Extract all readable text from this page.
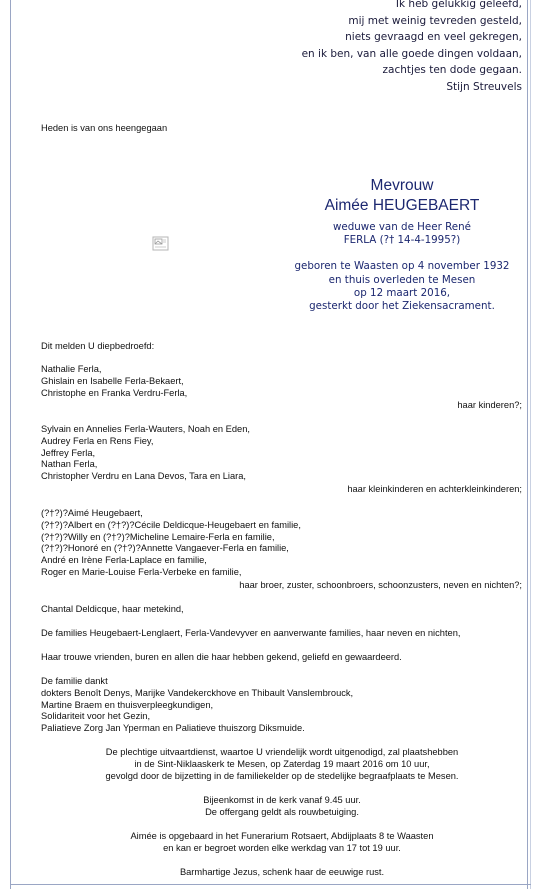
Ik heb gelukkig geleefd,
mij met weinig tevreden gesteld,
niets gevraagd en veel gekregen,
en ik ben, van alle goede dingen voldaan,
zachtjes ten dode gegaan.
Stijn Streuvels
Heden is van ons heengegaan
Mevrouw
Aimée HEUGEBAERT
weduwe van de Heer René
FERLA (?† 14-4-1995?)
geboren te Waasten op 4 november 1932
en thuis overleden te Mesen
op 12 maart 2016,
gesterkt door het Ziekensacrament.
Dit melden U diepbedroefd:
Nathalie Ferla,
Ghislain en Isabelle Ferla-Bekaert,
Christophe en Franka Verdru-Ferla,
haar kinderen?;
Sylvain en Annelies Ferla-Wauters, Noah en Eden,
Audrey Ferla en Rens Fiey,
Jeffrey Ferla,
Nathan Ferla,
Christopher Verdru en Lana Devos, Tara en Liara,
haar kleinkinderen en achterkleinkinderen;
(?†?)?Aimé Heugebaert,
(?†?)?Albert en (?†?)?Cécile Deldicque-Heugebaert en familie,
(?†?)?Willy en (?†?)?Micheline Lemaire-Ferla en familie,
(?†?)?Honoré en (?†?)?Annette Vangaever-Ferla en familie,
André en Irène Ferla-Laplace en familie,
Roger en Marie-Louise Ferla-Verbeke en familie,
haar broer, zuster, schoonbroers, schoonzusters, neven en nichten?;
Chantal Deldicque, haar metekind,
De families Heugebaert-Lenglaert, Ferla-Vandevyver en aanverwante families, haar neven en nichten,
Haar trouwe vrienden, buren en allen die haar hebben gekend, geliefd en gewaardeerd.
De familie dankt
dokters Benoît Denys, Marijke Vandekerckhove en Thibault Vanslembrouck,
Martine Braem en thuisverpleegkundigen,
Solidariteit voor het Gezin,
Paliatieve Zorg Jan Yperman en Paliatieve thuiszorg Diksmuide.
De plechtige uitvaartdienst, waartoe U vriendelijk wordt uitgenodigd, zal plaatshebben
in de Sint-Niklaaskerk te Mesen, op Zaterdag 19 maart 2016 om 10 uur,
gevolgd door de bijzetting in de familiekelder op de stedelijke begraafplaats te Mesen.
Bijeenkomst in de kerk vanaf 9.45 uur.
De offergang geldt als rouwbetuiging.
Aimée is opgebaard in het Funerarium Rotsaert, Abdijplaats 8 te Waasten
en kan er begroet worden elke werkdag van 17 tot 19 uur.
Barmhartige Jezus, schenk haar de eeuwige rust.
